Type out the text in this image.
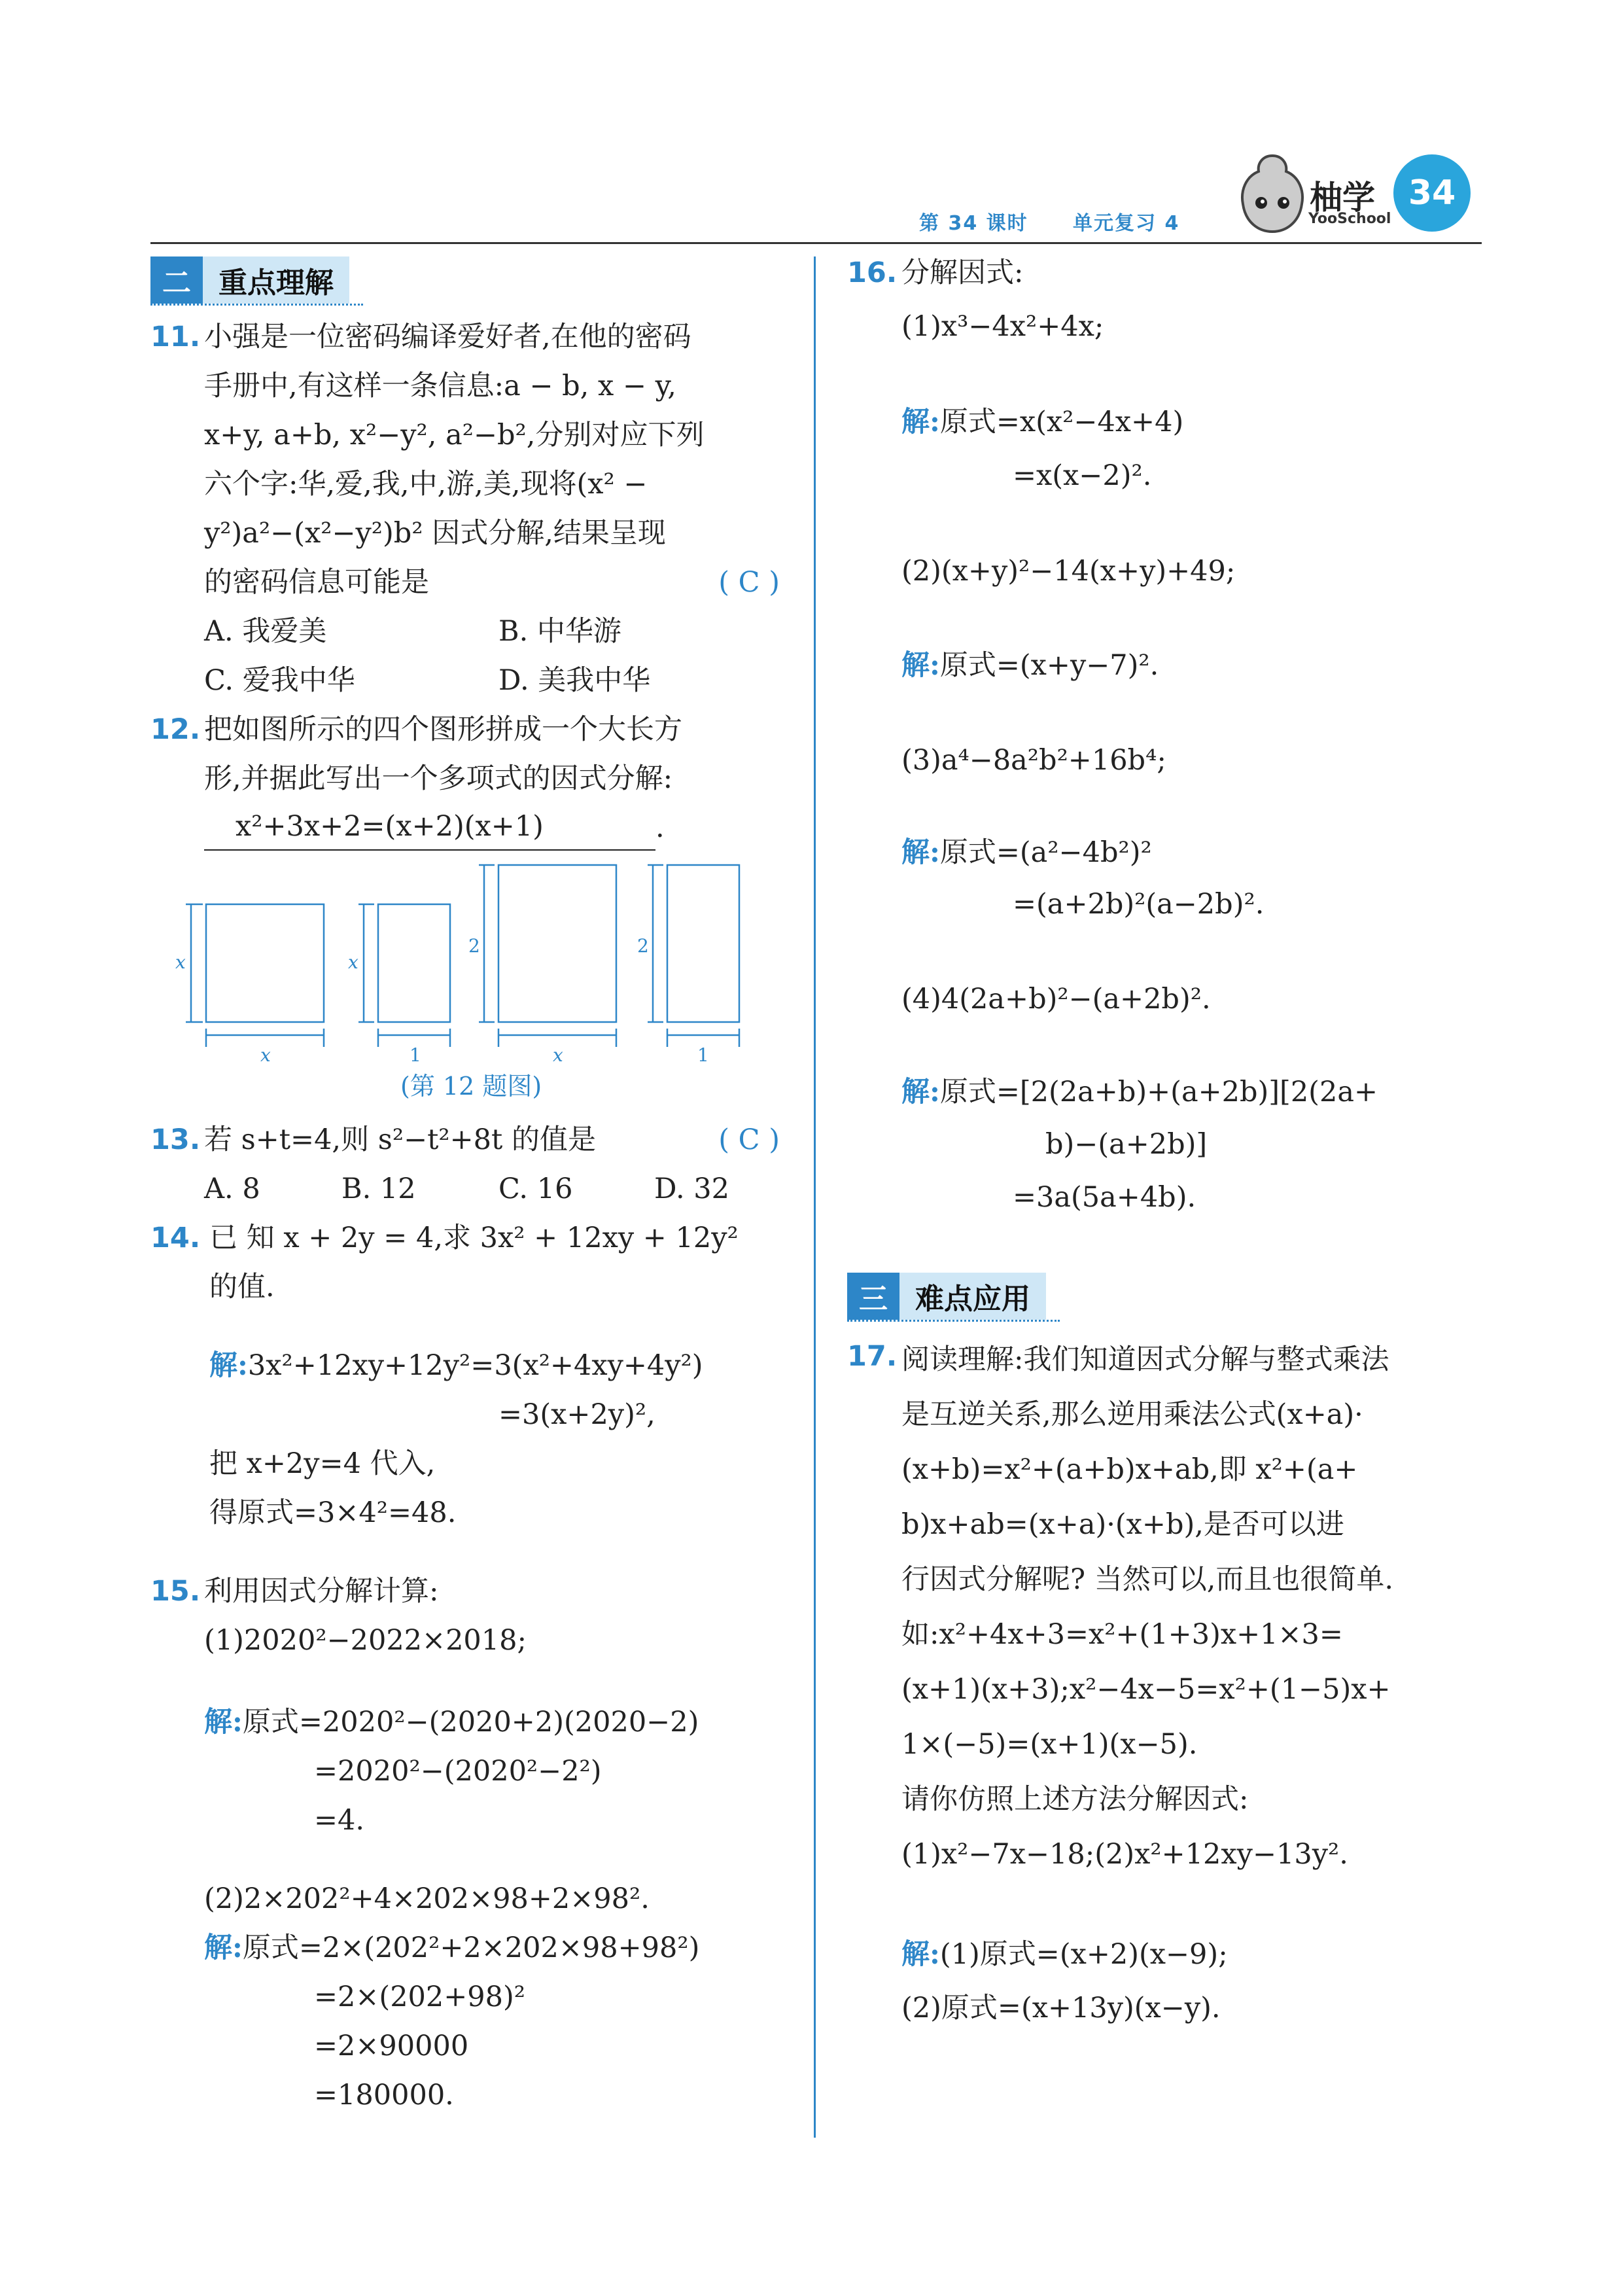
第 34 课时 单元复习 4
柚学
YooSchool
34
二 重点理解
11. 小强是一位密码编译爱好者,在他的密码
手册中,有这样一条信息:a − b, x − y,
x+y, a+b, x²−y², a²−b²,分别对应下列
六个字:华,爱,我,中,游,美,现将(x² −
y²)a²−(x²−y²)b² 因式分解,结果呈现
的密码信息可能是	( C )
A. 我爱美	B. 中华游
C. 爱我中华	D. 美我中华
12. 把如图所示的四个图形拼成一个大长方
形,并据此写出一个多项式的因式分解:
x²+3x+2=(x+2)(x+1)	.
x
x
x
x
1	1
2	2
(第 12 题图)
13. 若 s+t=4,则 s²−t²+8t 的值是	( C )
A. 8	B. 12	C. 16	D. 32
14. 已 知 x + 2y = 4,求 3x² + 12xy + 12y²
的值.
解:3x²+12xy+12y²=3(x²+4xy+4y²)
=3(x+2y)²,
把 x+2y=4 代入,
得原式=3×4²=48.
15. 利用因式分解计算:
(1)2020²−2022×2018;
解:原式=2020²−(2020+2)(2020−2)
=2020²−(2020²−2²)
=4.
(2)2×202²+4×202×98+2×98².
解:原式=2×(202²+2×202×98+98²)
=2×(202+98)²
=2×90000
=180000.
16. 分解因式:
(1)x³−4x²+4x;
解:原式=x(x²−4x+4)
=x(x−2)².
(2)(x+y)²−14(x+y)+49;
解:原式=(x+y−7)².
(3)a⁴−8a²b²+16b⁴;
解:原式=(a²−4b²)²
=(a+2b)²(a−2b)².
(4)4(2a+b)²−(a+2b)².
解:原式=[2(2a+b)+(a+2b)][2(2a+
b)−(a+2b)]
=3a(5a+4b).
三 难点应用
17. 阅读理解:我们知道因式分解与整式乘法
是互逆关系,那么逆用乘法公式(x+a)·
(x+b)=x²+(a+b)x+ab,即 x²+(a+
b)x+ab=(x+a)·(x+b),是否可以进
行因式分解呢? 当然可以,而且也很简单.
如:x²+4x+3=x²+(1+3)x+1×3=
(x+1)(x+3);x²−4x−5=x²+(1−5)x+
1×(−5)=(x+1)(x−5).
请你仿照上述方法分解因式:
(1)x²−7x−18;(2)x²+12xy−13y².
解:(1)原式=(x+2)(x−9);
(2)原式=(x+13y)(x−y).
